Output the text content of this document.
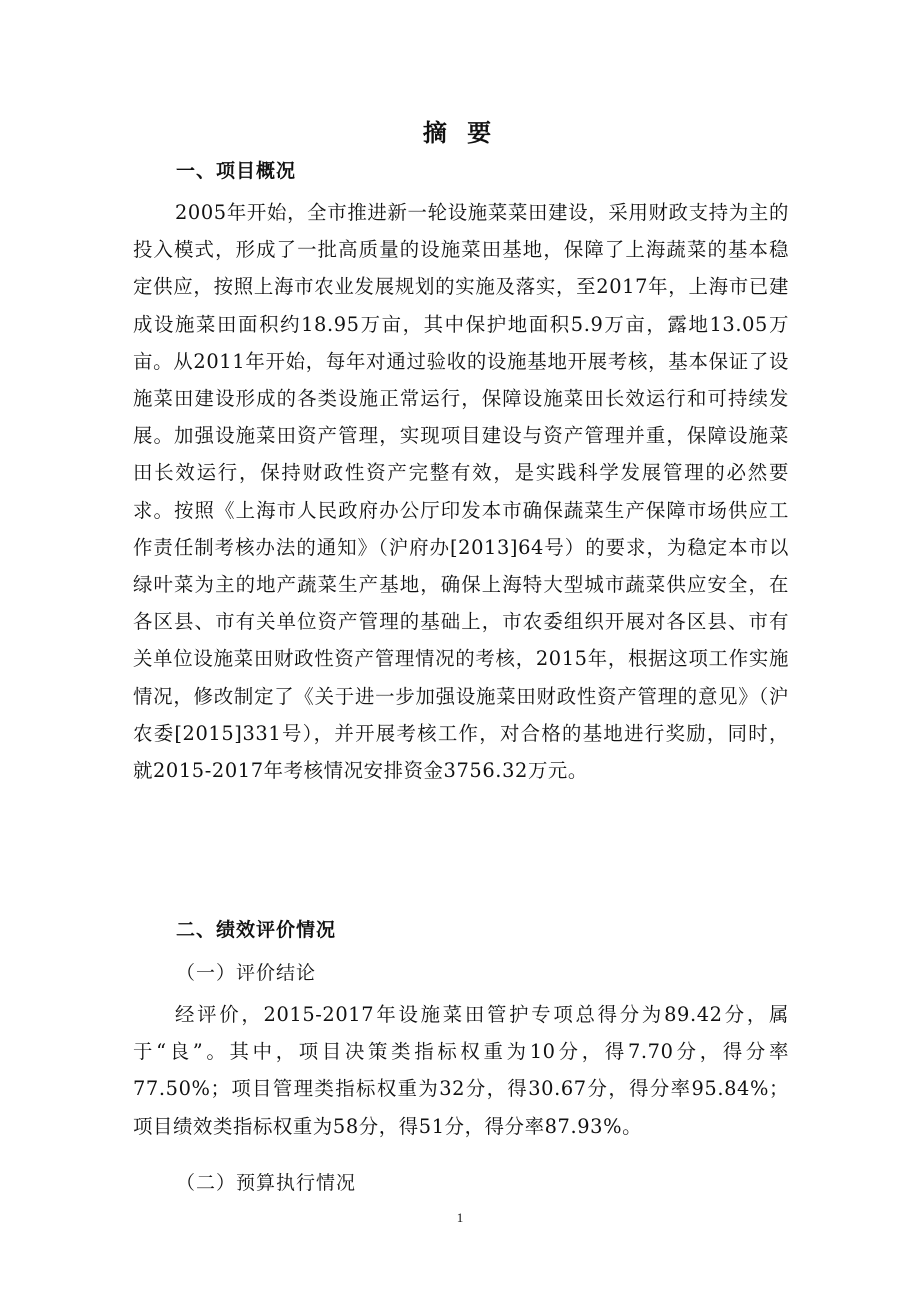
摘 要
一、项目概况

2005年开始，全市推进新一轮设施菜菜田建设，采用财政支持为主的投入模式，形成了一批高质量的设施菜田基地，保障了上海蔬菜的基本稳定供应，按照上海市农业发展规划的实施及落实，至2017年，上海市已建成设施菜田面积约18.95万亩，其中保护地面积5.9万亩，露地13.05万亩。从2011年开始，每年对通过验收的设施基地开展考核，基本保证了设施菜田建设形成的各类设施正常运行，保障设施菜田长效运行和可持续发展。加强设施菜田资产管理，实现项目建设与资产管理并重，保障设施菜田长效运行，保持财政性资产完整有效，是实践科学发展管理的必然要求。按照《上海市人民政府办公厅印发本市确保蔬菜生产保障市场供应工作责任制考核办法的通知》（沪府办[2013]64号）的要求，为稳定本市以绿叶菜为主的地产蔬菜生产基地，确保上海特大型城市蔬菜供应安全，在各区县、市有关单位资产管理的基础上，市农委组织开展对各区县、市有关单位设施菜田财政性资产管理情况的考核，2015年，根据这项工作实施情况，修改制定了《关于进一步加强设施菜田财政性资产管理的意见》（沪农委[2015]331号），并开展考核工作，对合格的基地进行奖励，同时，就2015-2017年考核情况安排资金3756.32万元。

二、绩效评价情况
（一）评价结论

经评价，2015-2017年设施菜田管护专项总得分为89.42分，属于“良”。其中，项目决策类指标权重为10分，得7.70分，得分率77.50%；项目管理类指标权重为32分，得30.67分，得分率95.84%；项目绩效类指标权重为58分，得51分，得分率87.93%。

（二）预算执行情况
1
